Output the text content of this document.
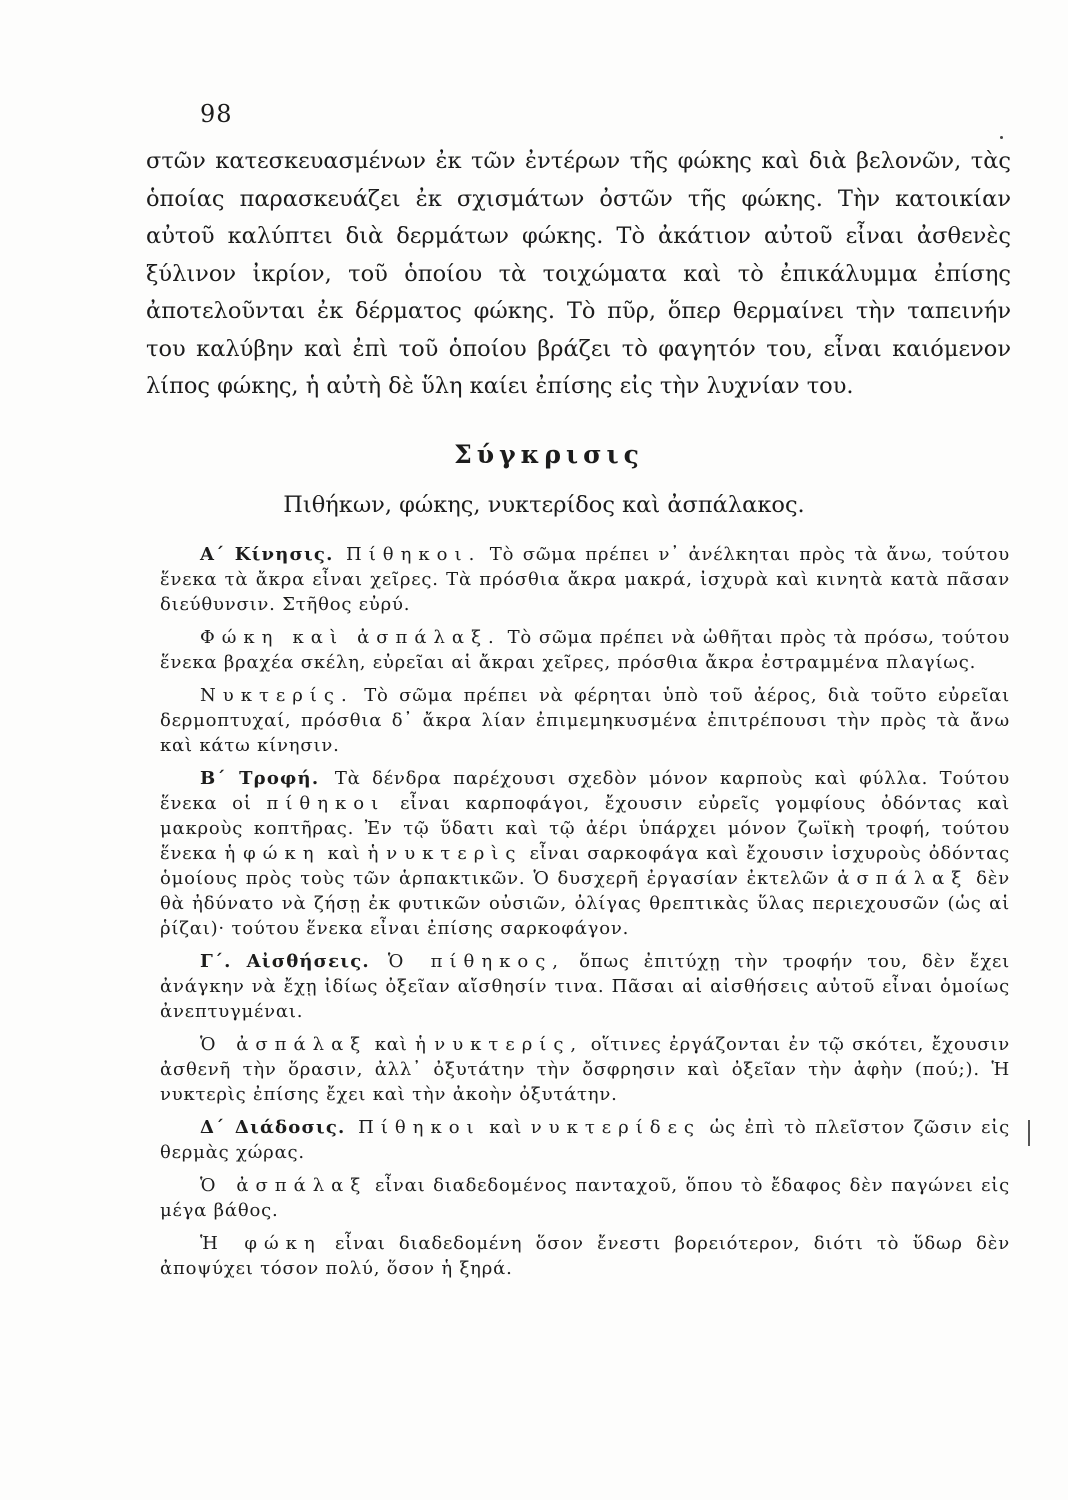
98

στῶν κατεσκευασμένων ἐκ τῶν ἐντέρων τῆς φώκης καὶ διὰ βελονῶν, τὰς ὁποίας παρασκευάζει ἐκ σχισμάτων ὀστῶν τῆς φώκης. Τὴν κατοικίαν αὐτοῦ καλύπτει διὰ δερμάτων φώκης. Τὸ ἀκάτιον αὐτοῦ εἶναι ἀσθενὲς ξύλινον ἰκρίον, τοῦ ὁποίου τὰ τοιχώματα καὶ τὸ ἐπικάλυμμα ἐπίσης ἀποτελοῦνται ἐκ δέρματος φώκης. Τὸ πῦρ, ὅπερ θερμαίνει τὴν ταπεινήν του καλύβην καὶ ἐπὶ τοῦ ὁποίου βράζει τὸ φαγητόν του, εἶναι καιόμενον λίπος φώκης, ἡ αὐτὴ δὲ ὕλη καίει ἐπίσης εἰς τὴν λυχνίαν του.

Σύγκρισις
Πιθήκων, φώκης, νυκτερίδος καὶ ἀσπάλακος.

Α΄ Κίνησις. Πίθηκοι. Τὸ σῶμα πρέπει ν᾿ ἀνέλκηται πρὸς τὰ ἄνω, τούτου ἕνεκα τὰ ἄκρα εἶναι χεῖρες. Τὰ πρόσθια ἄκρα μακρά, ἰσχυρὰ καὶ κινητὰ κατὰ πᾶσαν διεύθυνσιν. Στῆθος εὐρύ.

Φώκη καὶ ἀσπάλαξ. Τὸ σῶμα πρέπει νὰ ὠθῆται πρὸς τὰ πρόσω, τούτου ἕνεκα βραχέα σκέλη, εὐρεῖαι αἱ ἄκραι χεῖρες, πρόσθια ἄκρα ἐστραμμένα πλαγίως.

Νυκτερίς. Τὸ σῶμα πρέπει νὰ φέρηται ὑπὸ τοῦ ἀέρος, διὰ τοῦτο εὐρεῖαι δερμοπτυχαί, πρόσθια δ᾿ ἄκρα λίαν ἐπιμεμηκυσμένα ἐπιτρέπουσι τὴν πρὸς τὰ ἄνω καὶ κάτω κίνησιν.

Β΄ Τροφή. Τὰ δένδρα παρέχουσι σχεδὸν μόνον καρποὺς καὶ φύλλα. Τούτου ἕνεκα οἱ πίθηκοι εἶναι καρποφάγοι, ἔχουσιν εὐρεῖς γομφίους ὀδόντας καὶ μακροὺς κοπτῆρας. Ἐν τῷ ὕδατι καὶ τῷ ἀέρι ὑπάρχει μόνον ζωϊκὴ τροφή, τούτου ἕνεκα ἡ φώκη καὶ ἡ νυκτερὶς εἶναι σαρκοφάγα καὶ ἔχουσιν ἰσχυροὺς ὀδόντας ὁμοίους πρὸς τοὺς τῶν ἁρπακτικῶν. Ὁ δυσχερῆ ἐργασίαν ἐκτελῶν ἀσπάλαξ δὲν θὰ ἠδύνατο νὰ ζήσῃ ἐκ φυτικῶν οὐσιῶν, ὀλίγας θρεπτικὰς ὕλας περιεχουσῶν (ὡς αἱ ῥίζαι)· τούτου ἕνεκα εἶναι ἐπίσης σαρκοφάγον.

Γ΄. Αἰσθήσεις. Ὁ πίθηκος, ὅπως ἐπιτύχῃ τὴν τροφήν του, δὲν ἔχει ἀνάγκην νὰ ἔχῃ ἰδίως ὀξεῖαν αἴσθησίν τινα. Πᾶσαι αἱ αἰσθήσεις αὐτοῦ εἶναι ὁμοίως ἀνεπτυγμέναι.

Ὁ ἀσπάλαξ καὶ ἡ νυκτερίς, οἵτινες ἐργάζονται ἐν τῷ σκότει, ἔχουσιν ἀσθενῆ τὴν ὅρασιν, ἀλλ᾿ ὀξυτάτην τὴν ὄσφρησιν καὶ ὀξεῖαν τὴν ἀφὴν (πού;). Ἡ νυκτερὶς ἐπίσης ἔχει καὶ τὴν ἀκοὴν ὀξυτάτην.

Δ΄ Διάδοσις. Πίθηκοι καὶ νυκτερίδες ὡς ἐπὶ τὸ πλεῖστον ζῶσιν εἰς θερμὰς χώρας.

Ὁ ἀσπάλαξ εἶναι διαδεδομένος πανταχοῦ, ὅπου τὸ ἔδαφος δὲν παγώνει εἰς μέγα βάθος.

Ἡ φώκη εἶναι διαδεδομένη ὅσον ἔνεστι βορειότερον, διότι τὸ ὕδωρ δὲν ἀποψύχει τόσον πολύ, ὅσον ἡ ξηρά.
